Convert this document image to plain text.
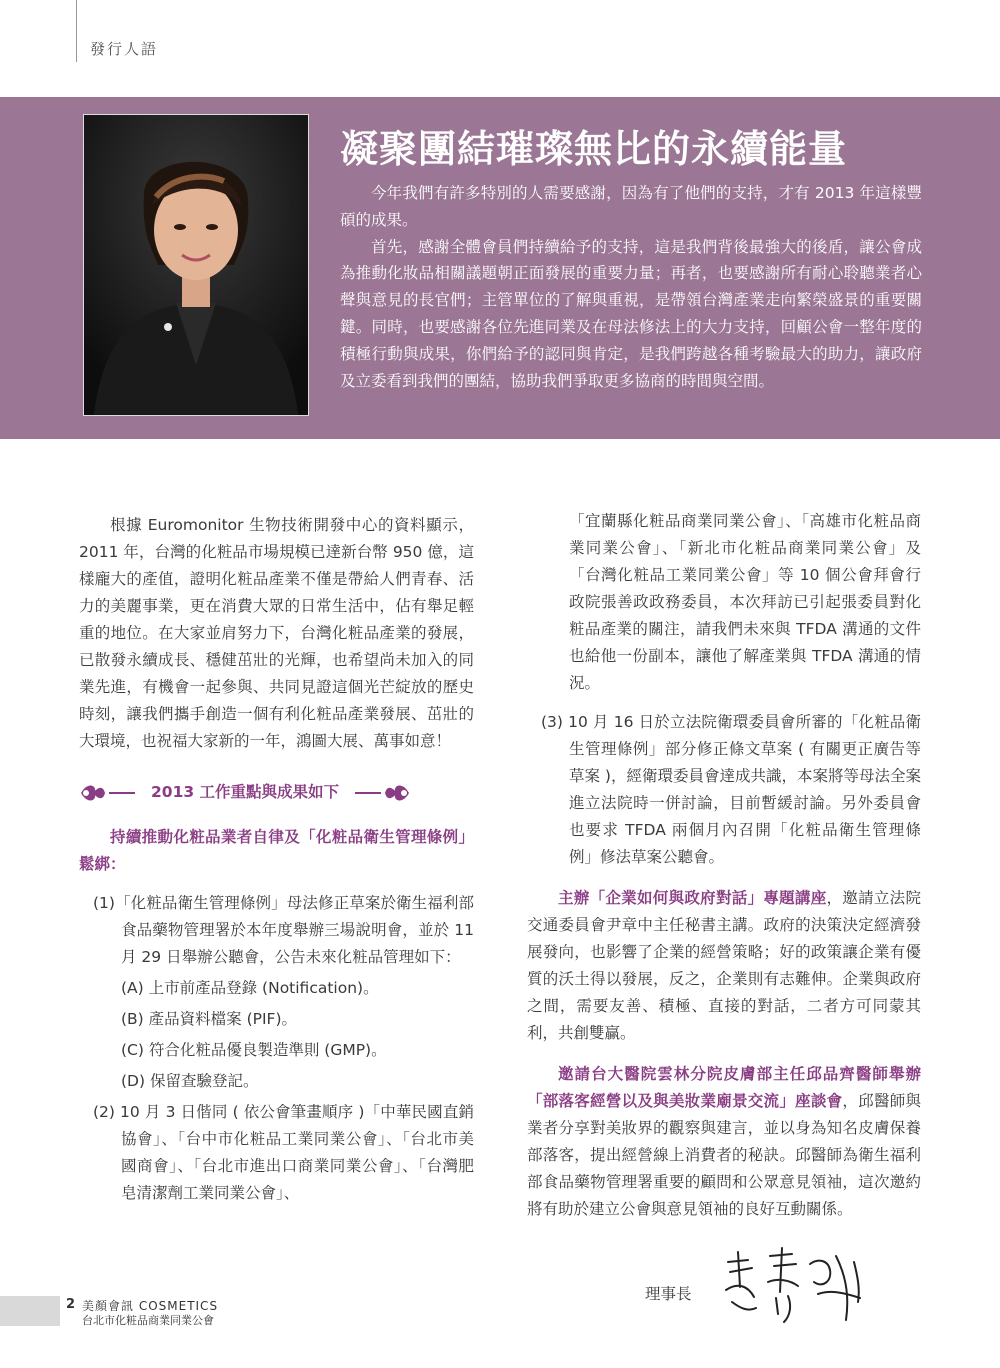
發行人語
凝聚團結璀璨無比的永續能量

今年我們有許多特別的人需要感謝，因為有了他們的支持，才有 2013 年這樣豐碩的成果。

首先，感謝全體會員們持續給予的支持，這是我們背後最強大的後盾，讓公會成為推動化妝品相關議題朝正面發展的重要力量；再者，也要感謝所有耐心聆聽業者心聲與意見的長官們；主管單位的了解與重視，是帶領台灣產業走向繁榮盛景的重要關鍵。同時，也要感謝各位先進同業及在母法修法上的大力支持，回顧公會一整年度的積極行動與成果，你們給予的認同與肯定，是我們跨越各種考驗最大的助力，讓政府及立委看到我們的團結，協助我們爭取更多協商的時間與空間。

根據 Euromonitor 生物技術開發中心的資料顯示，2011 年，台灣的化粧品市場規模已達新台幣 950 億，這樣龐大的產值，證明化粧品產業不僅是帶給人們青春、活力的美麗事業，更在消費大眾的日常生活中，佔有舉足輕重的地位。在大家並肩努力下，台灣化粧品產業的發展，已散發永續成長、穩健茁壯的光輝，也希望尚未加入的同業先進，有機會一起參與、共同見證這個光芒綻放的歷史時刻，讓我們攜手創造一個有利化粧品產業發展、茁壯的大環境，也祝福大家新的一年，鴻圖大展、萬事如意！

2013 工作重點與成果如下

持續推動化粧品業者自律及「化粧品衛生管理條例」鬆綁：

(1)「化粧品衛生管理條例」母法修正草案於衛生福利部食品藥物管理署於本年度舉辦三場說明會，並於 11 月 29 日舉辦公聽會，公告未來化粧品管理如下：

(A) 上市前產品登錄 (Notification)。

(B) 產品資料檔案 (PIF)。

(C) 符合化粧品優良製造準則 (GMP)。

(D) 保留查驗登記。

(2) 10 月 3 日偕同 ( 依公會筆畫順序 )「中華民國直銷協會」、「台中市化粧品工業同業公會」、「台北市美國商會」、「台北市進出口商業同業公會」、「台灣肥皂清潔劑工業同業公會」、

「宜蘭縣化粧品商業同業公會」、「高雄市化粧品商業同業公會」、「新北市化粧品商業同業公會」及「台灣化粧品工業同業公會」等 10 個公會拜會行政院張善政政務委員，本次拜訪已引起張委員對化粧品產業的關注，請我們未來與 TFDA 溝通的文件也給他一份副本，讓他了解產業與 TFDA 溝通的情況。

(3) 10 月 16 日於立法院衛環委員會所審的「化粧品衛生管理條例」部分修正條文草案 ( 有關更正廣告等草案 )，經衛環委員會達成共識，本案將等母法全案進立法院時一併討論，目前暫緩討論。另外委員會也要求 TFDA 兩個月內召開「化粧品衛生管理條例」修法草案公聽會。

主辦「企業如何與政府對話」專題講座，邀請立法院交通委員會尹章中主任秘書主講。政府的決策決定經濟發展發向，也影響了企業的經營策略；好的政策讓企業有優質的沃土得以發展，反之，企業則有志難伸。企業與政府之間，需要友善、積極、直接的對話，二者方可同蒙其利，共創雙贏。

邀請台大醫院雲林分院皮膚部主任邱品齊醫師舉辦「部落客經營以及與美妝業廟景交流」座談會，邱醫師與業者分享對美妝界的觀察與建言，並以身為知名皮膚保養部落客，提出經營線上消費者的秘訣。邱醫師為衛生福利部食品藥物管理署重要的顧問和公眾意見領袖，這次邀約將有助於建立公會與意見領袖的良好互動關係。

理事長
2 美顏會訊 COSMETICS
台北市化粧品商業同業公會
